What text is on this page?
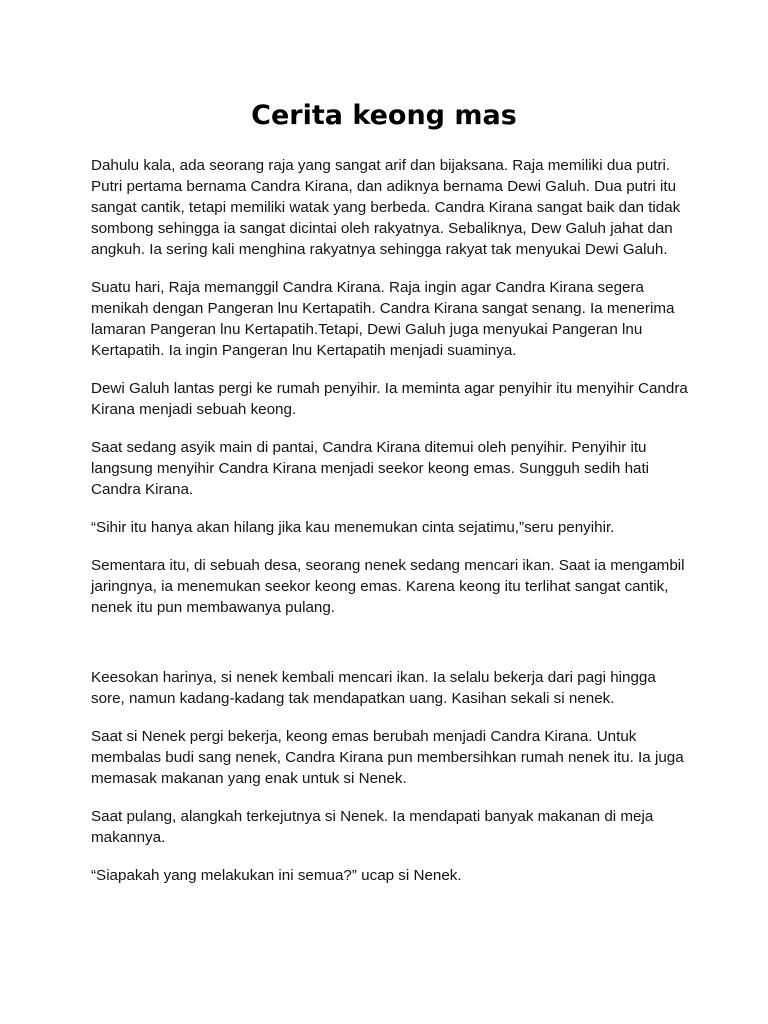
Cerita keong mas

Dahulu kala, ada seorang raja yang sangat arif dan bijaksana. Raja memiliki dua putri. Putri pertama bernama Candra Kirana, dan adiknya bernama Dewi Galuh. Dua putri itu sangat cantik, tetapi memiliki watak yang berbeda. Candra Kirana sangat baik dan tidak sombong sehingga ia sangat dicintai oleh rakyatnya. Sebaliknya, Dew Galuh jahat dan angkuh. Ia sering kali menghina rakyatnya sehingga rakyat tak menyukai Dewi Galuh.

Suatu hari, Raja memanggil Candra Kirana. Raja ingin agar Candra Kirana segera menikah dengan Pangeran lnu Kertapatih. Candra Kirana sangat senang. Ia menerima lamaran Pangeran lnu Kertapatih.Tetapi, Dewi Galuh juga menyukai Pangeran lnu Kertapatih. Ia ingin Pangeran lnu Kertapatih menjadi suaminya.

Dewi Galuh lantas pergi ke rumah penyihir. Ia meminta agar penyihir itu menyihir Candra Kirana menjadi sebuah keong.

Saat sedang asyik main di pantai, Candra Kirana ditemui oleh penyihir. Penyihir itu langsung menyihir Candra Kirana menjadi seekor keong emas. Sungguh sedih hati Candra Kirana.

“Sihir itu hanya akan hilang jika kau menemukan cinta sejatimu,”seru penyihir.

Sementara itu, di sebuah desa, seorang nenek sedang mencari ikan. Saat ia mengambil jaringnya, ia menemukan seekor keong emas. Karena keong itu terlihat sangat cantik, nenek itu pun membawanya pulang.

Keesokan harinya, si nenek kembali mencari ikan. Ia selalu bekerja dari pagi hingga sore, namun kadang-kadang tak mendapatkan uang. Kasihan sekali si nenek.

Saat si Nenek pergi bekerja, keong emas berubah menjadi Candra Kirana. Untuk membalas budi sang nenek, Candra Kirana pun membersihkan rumah nenek itu. Ia juga memasak makanan yang enak untuk si Nenek.

Saat pulang, alangkah terkejutnya si Nenek. Ia mendapati banyak makanan di meja makannya.

“Siapakah yang melakukan ini semua?” ucap si Nenek.
